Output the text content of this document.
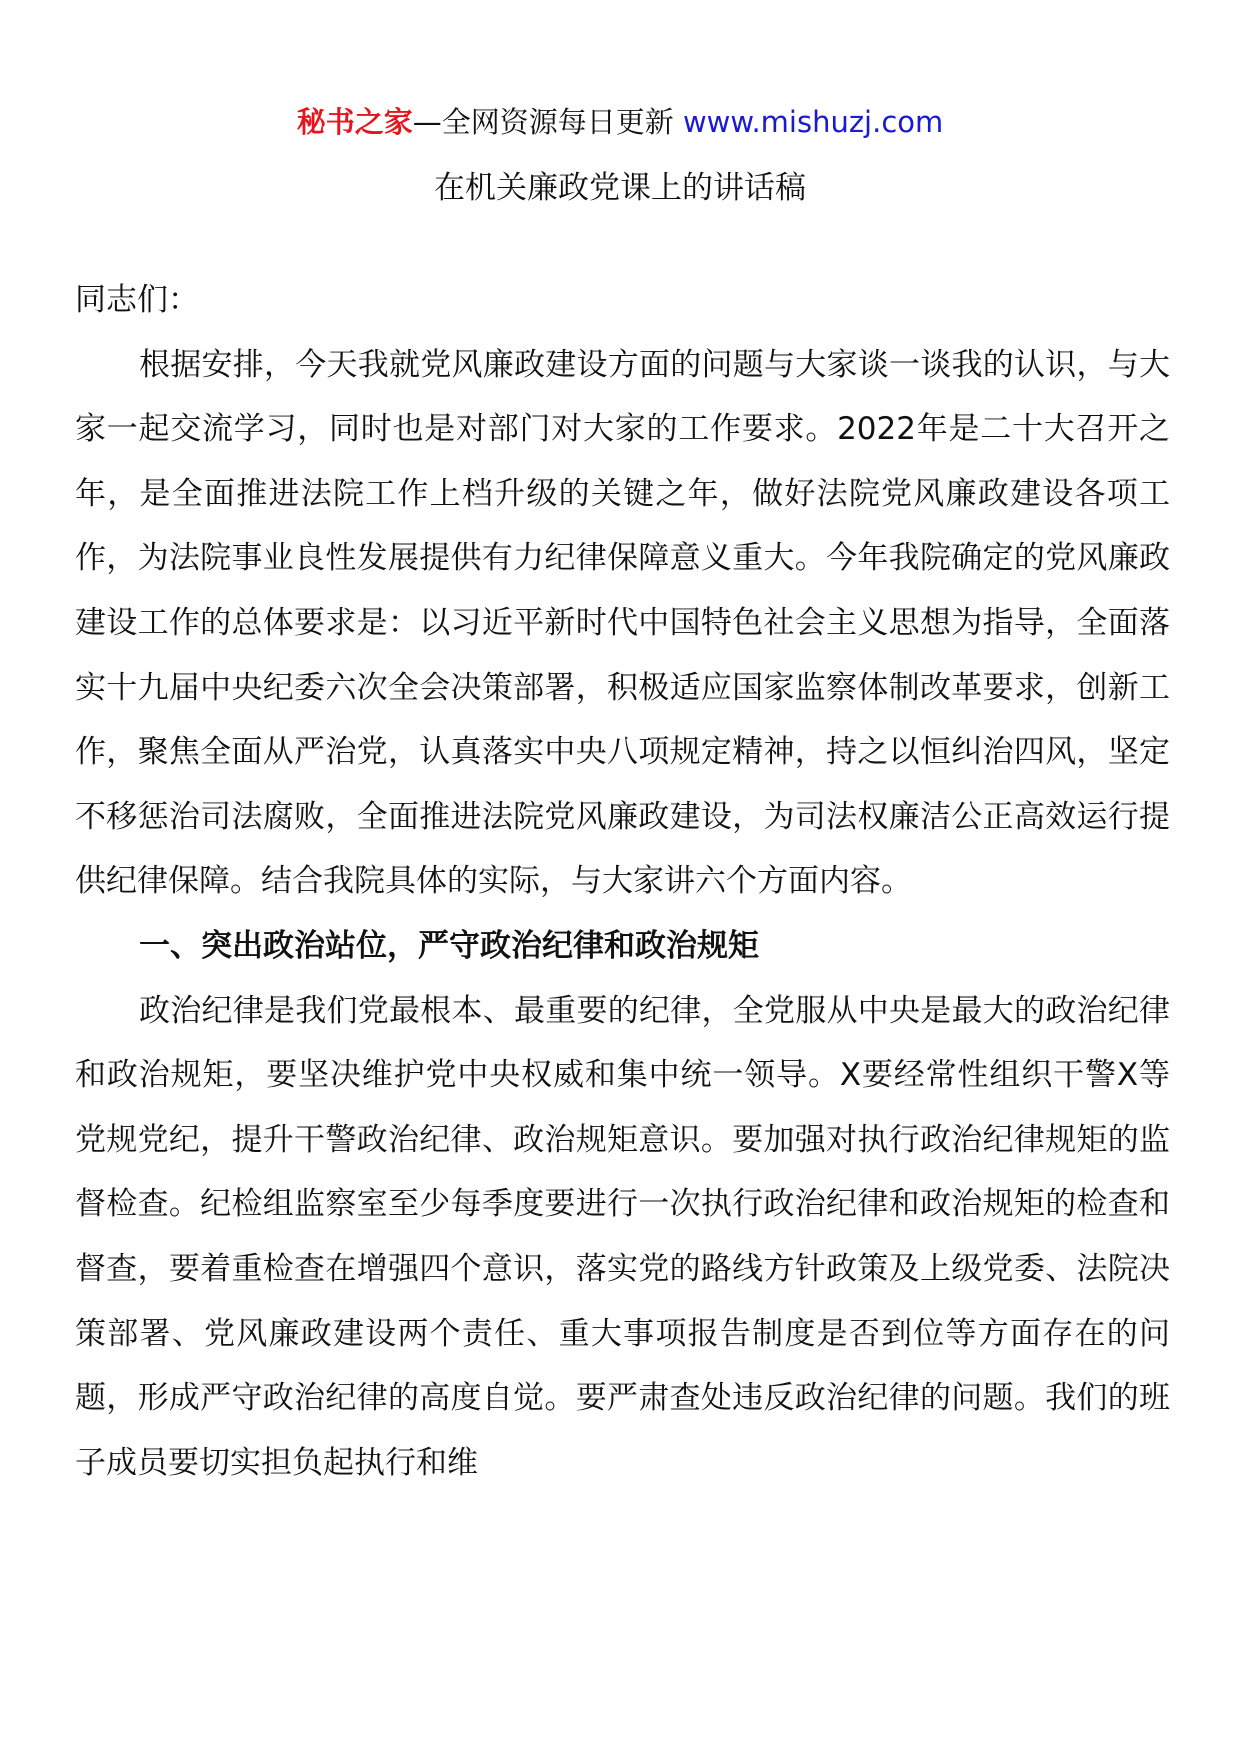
秘书之家—全网资源每日更新 www.mishuzj.com
在机关廉政党课上的讲话稿

同志们：

根据安排，今天我就党风廉政建设方面的问题与大家谈一谈我的认识，与大家一起交流学习，同时也是对部门对大家的工作要求。2022年是二十大召开之年，是全面推进法院工作上档升级的关键之年，做好法院党风廉政建设各项工作，为法院事业良性发展提供有力纪律保障意义重大。今年我院确定的党风廉政建设工作的总体要求是：以习近平新时代中国特色社会主义思想为指导，全面落实十九届中央纪委六次全会决策部署，积极适应国家监察体制改革要求，创新工作，聚焦全面从严治党，认真落实中央八项规定精神，持之以恒纠治四风，坚定不移惩治司法腐败，全面推进法院党风廉政建设，为司法权廉洁公正高效运行提供纪律保障。结合我院具体的实际，与大家讲六个方面内容。

一、突出政治站位，严守政治纪律和政治规矩

政治纪律是我们党最根本、最重要的纪律，全党服从中央是最大的政治纪律和政治规矩，要坚决维护党中央权威和集中统一领导。X要经常性组织干警X等党规党纪，提升干警政治纪律、政治规矩意识。要加强对执行政治纪律规矩的监督检查。纪检组监察室至少每季度要进行一次执行政治纪律和政治规矩的检查和督查，要着重检查在增强四个意识，落实党的路线方针政策及上级党委、法院决策部署、党风廉政建设两个责任、重大事项报告制度是否到位等方面存在的问题，形成严守政治纪律的高度自觉。要严肃查处违反政治纪律的问题。我们的班子成员要切实担负起执行和维
